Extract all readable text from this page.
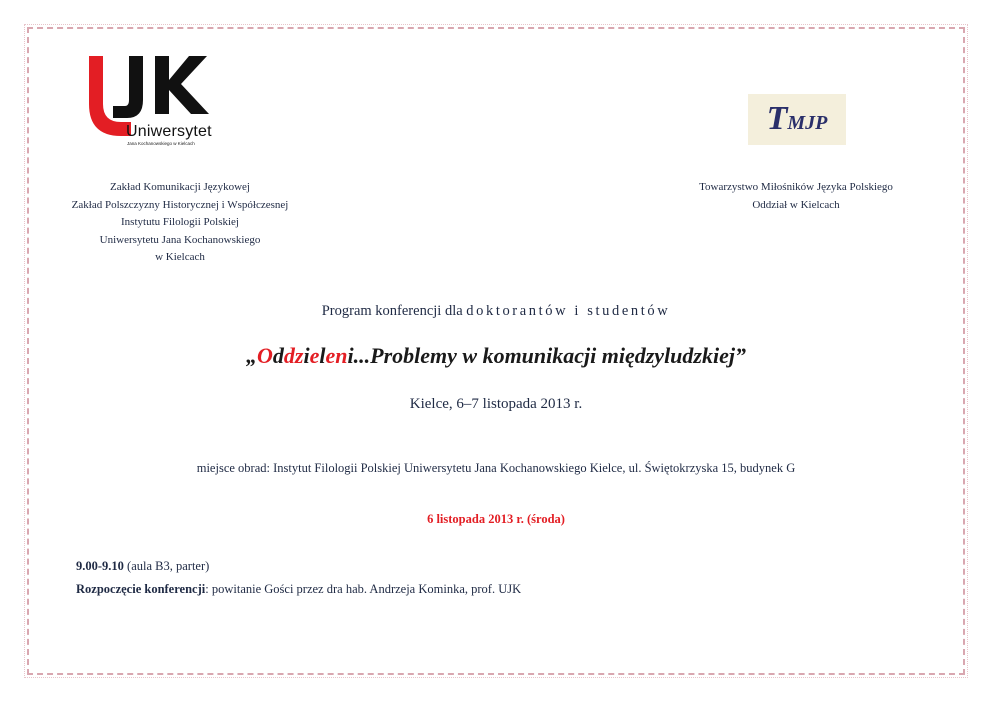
Uniwersytet
Jana Kochanowskiego w Kielcach
TMJP
Zakład Komunikacji Językowej
Zakład Polszczyzny Historycznej i Współczesnej
Instytutu Filologii Polskiej
Uniwersytetu Jana Kochanowskiego
w Kielcach
Towarzystwo Miłośników Języka Polskiego
Oddział w Kielcach
Program konferencji dla doktorantów i studentów
„Oddzieleni...Problemy w komunikacji międzyludzkiej”
Kielce, 6–7 listopada 2013 r.
miejsce obrad: Instytut Filologii Polskiej Uniwersytetu Jana Kochanowskiego Kielce, ul. Świętokrzyska 15, budynek G
6 listopada 2013 r. (środa)
9.00-9.10 (aula B3, parter)
Rozpoczęcie konferencji: powitanie Gości przez dra hab. Andrzeja Kominka, prof. UJK
